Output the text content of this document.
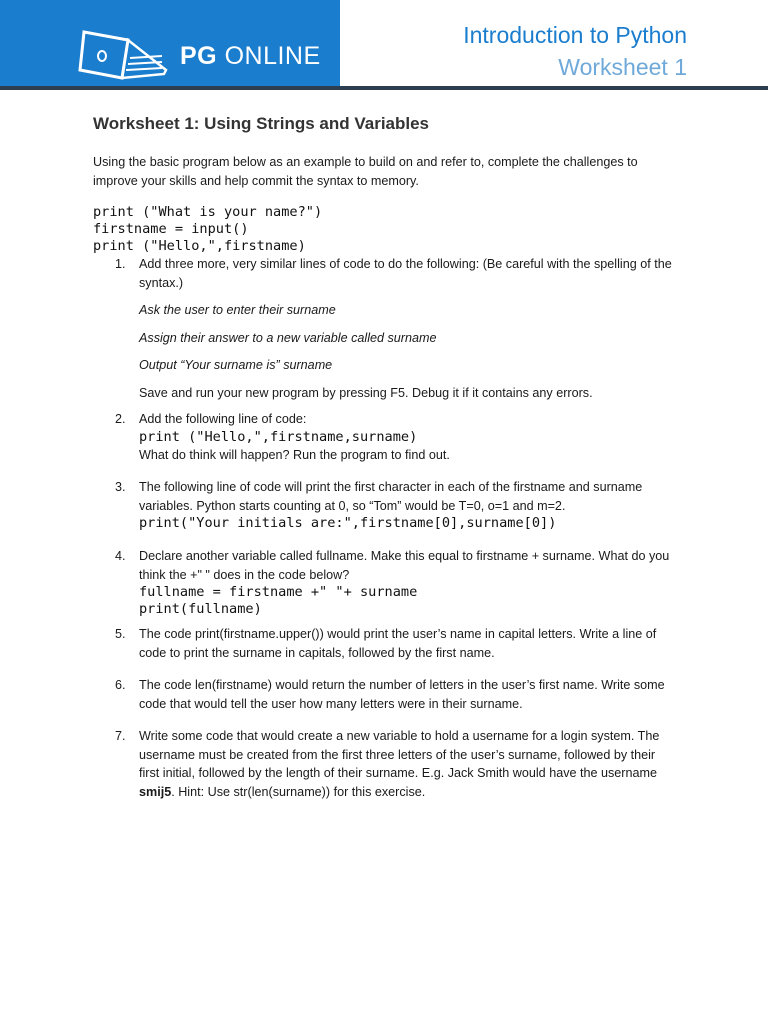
PG ONLINE
Introduction to Python
Worksheet 1
Worksheet 1: Using Strings and Variables

Using the basic program below as an example to build on and refer to, complete the challenges to improve your skills and help commit the syntax to memory.

print ("What is your name?")
firstname = input()
print ("Hello,",firstname)
1. Add three more, very similar lines of code to do the following: (Be careful with the spelling of the syntax.)

Ask the user to enter their surname

Assign their answer to a new variable called surname

Output “Your surname is” surname

Save and run your new program by pressing F5. Debug it if it contains any errors.

2. Add the following line of code:

print ("Hello,",firstname,surname)

What do think will happen? Run the program to find out.

3. The following line of code will print the first character in each of the firstname and surname variables. Python starts counting at 0, so “Tom” would be T=0, o=1 and m=2.

print("Your initials are:",firstname[0],surname[0])
4. Declare another variable called fullname. Make this equal to firstname + surname. What do you think the +" " does in the code below?

fullname = firstname +" "+ surname
print(fullname)
5. The code print(firstname.upper()) would print the user’s name in capital letters. Write a line of code to print the surname in capitals, followed by the first name.

6. The code len(firstname) would return the number of letters in the user’s first name. Write some code that would tell the user how many letters were in their surname.

7. Write some code that would create a new variable to hold a username for a login system. The username must be created from the first three letters of the user’s surname, followed by their first initial, followed by the length of their surname. E.g. Jack Smith would have the username smij5. Hint: Use str(len(surname)) for this exercise.
